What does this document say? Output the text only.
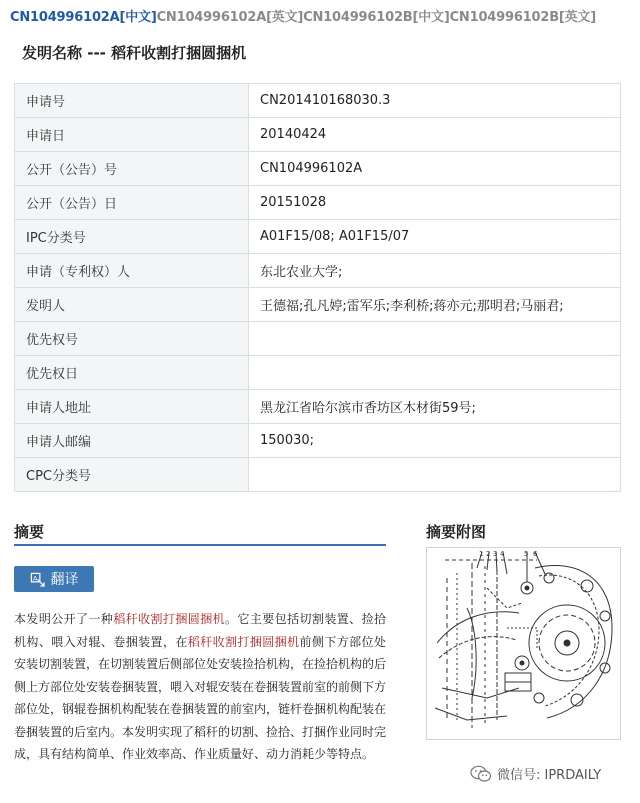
CN104996102A[中文]CN104996102A[英文]CN104996102B[中文]CN104996102B[英文]
发明名称 --- 稻秆收割打捆圆捆机
申请号	CN201410168030.3
申请日	20140424
公开（公告）号	CN104996102A
公开（公告）日	20151028
IPC分类号	A01F15/08; A01F15/07
申请（专利权）人	东北农业大学;
发明人	王德福;孔凡婷;雷军乐;李利桥;蒋亦元;那明君;马丽君;
优先权号	
优先权日	
申请人地址	黑龙江省哈尔滨市香坊区木材街59号;
申请人邮编	150030;
CPC分类号	
摘要	摘要附图
A 翻译
本发明公开了一种稻秆收割打捆圆捆机。它主要包括切割装置、捡拾机构、喂入对辊、卷捆装置，在稻秆收割打捆圆捆机前侧下方部位处安装切割装置，在切割装置后侧部位处安装捡拾机构，在捡拾机构的后侧上方部位处安装卷捆装置，喂入对辊安装在卷捆装置前室的前侧下方部位处，钢辊卷捆机构配装在卷捆装置的前室内，链杆卷捆机构配装在卷捆装置的后室内。本发明实现了稻秆的切割、捡拾、打捆作业同时完成，具有结构简单、作业效率高、作业质量好、动力消耗少等特点。
1 2 3 4	5 6
微信号: IPRDAILY
